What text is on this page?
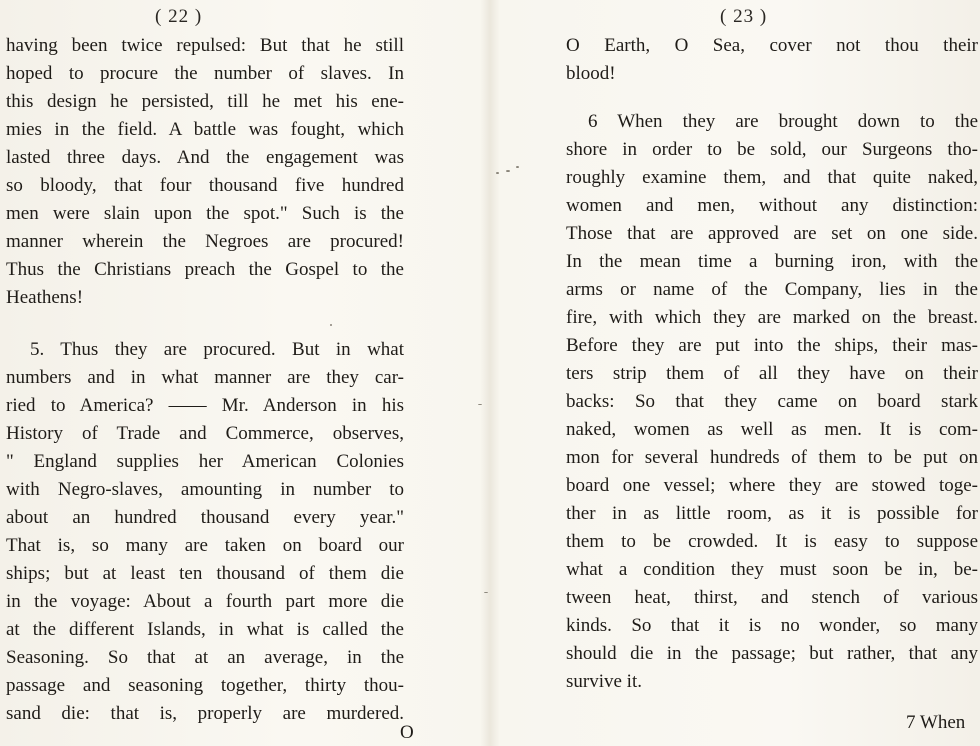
( 22 )
having been twice repulsed: But that he still
hoped to procure the number of slaves. In
this design he persisted, till he met his ene-
mies in the field. A battle was fought, which
lasted three days. And the engagement was
so bloody, that four thousand five hundred
men were slain upon the spot." Such is the
manner wherein the Negroes are procured!
Thus the Christians preach the Gospel to the
Heathens!
5. Thus they are procured. But in what
numbers and in what manner are they car-
ried to America? —— Mr. Anderson in his
History of Trade and Commerce, observes,
" England supplies her American Colonies
with Negro-slaves, amounting in number to
about an hundred thousand every year."
That is, so many are taken on board our
ships; but at least ten thousand of them die
in the voyage: About a fourth part more die
at the different Islands, in what is called the
Seasoning. So that at an average, in the
passage and seasoning together, thirty thou-
sand die: that is, properly are murdered.
O
( 23 )
O Earth, O Sea, cover not thou their
blood!
6 When they are brought down to the
shore in order to be sold, our Surgeons tho-
roughly examine them, and that quite naked,
women and men, without any distinction:
Those that are approved are set on one side.
In the mean time a burning iron, with the
arms or name of the Company, lies in the
fire, with which they are marked on the breast.
Before they are put into the ships, their mas-
ters strip them of all they have on their
backs: So that they came on board stark
naked, women as well as men. It is com-
mon for several hundreds of them to be put on
board one vessel; where they are stowed toge-
ther in as little room, as it is possible for
them to be crowded. It is easy to suppose
what a condition they must soon be in, be-
tween heat, thirst, and stench of various
kinds. So that it is no wonder, so many
should die in the passage; but rather, that any
survive it.
7 When
